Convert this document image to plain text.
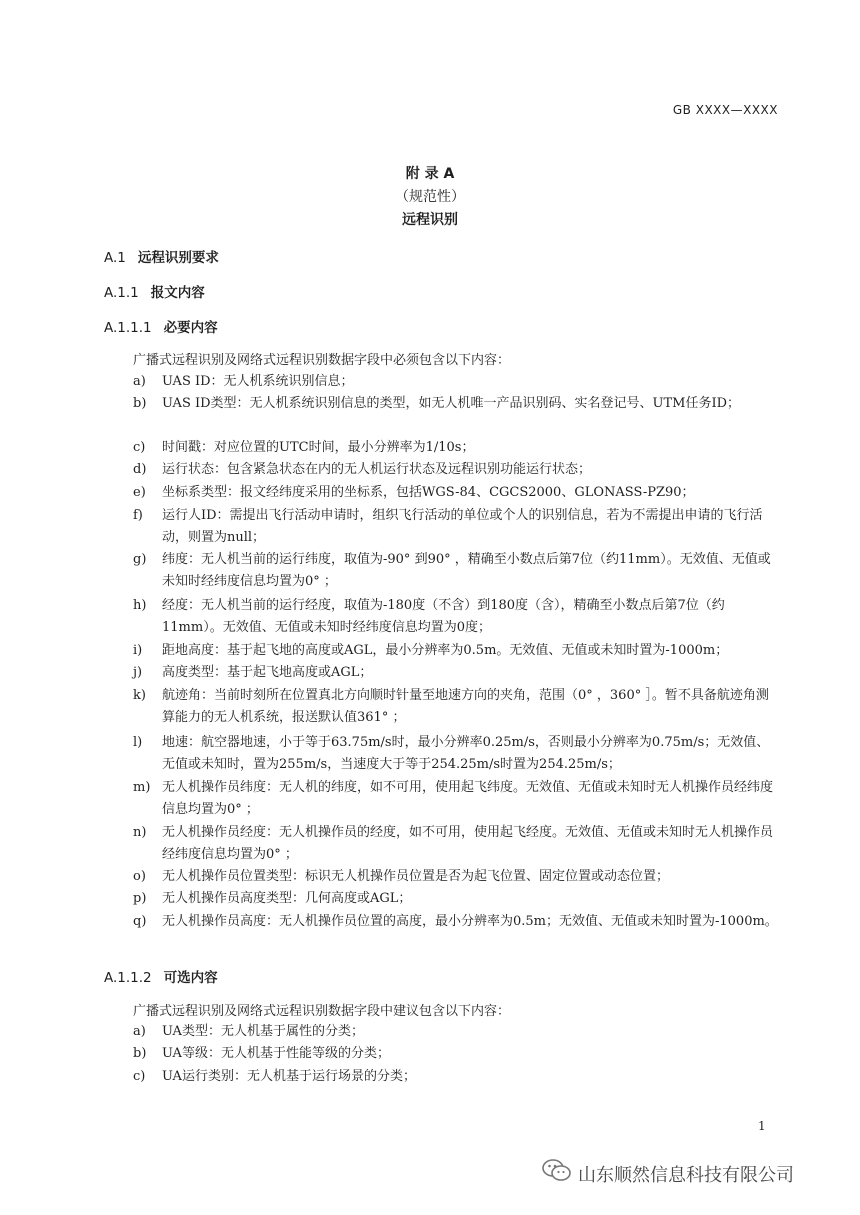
GB XXXX—XXXX
附 录 A
（规范性）
远程识别
A.1 远程识别要求
A.1.1 报文内容
A.1.1.1 必要内容
广播式远程识别及网络式远程识别数据字段中必须包含以下内容：
a) UAS ID：无人机系统识别信息；
b) UAS ID类型：无人机系统识别信息的类型，如无人机唯一产品识别码、实名登记号、UTM任务ID；
c) 时间戳：对应位置的UTC时间，最小分辨率为1/10s；
d) 运行状态：包含紧急状态在内的无人机运行状态及远程识别功能运行状态；
e) 坐标系类型：报文经纬度采用的坐标系，包括WGS-84、CGCS2000、GLONASS-PZ90；
f) 运行人ID：需提出飞行活动申请时，组织飞行活动的单位或个人的识别信息，若为不需提出申请的飞行活动，则置为null；
g) 纬度：无人机当前的运行纬度，取值为-90° 到90° ，精确至小数点后第7位（约11mm）。无效值、无值或未知时经纬度信息均置为0° ；
h) 经度：无人机当前的运行经度，取值为-180度（不含）到180度（含），精确至小数点后第7位（约11mm）。无效值、无值或未知时经纬度信息均置为0度；
i) 距地高度：基于起飞地的高度或AGL，最小分辨率为0.5m。无效值、无值或未知时置为-1000m；
j) 高度类型：基于起飞地高度或AGL；
k) 航迹角：当前时刻所在位置真北方向顺时针量至地速方向的夹角，范围（0° ，360° ］。暂不具备航迹角测算能力的无人机系统，报送默认值361° ；
l) 地速：航空器地速，小于等于63.75m/s时，最小分辨率0.25m/s，否则最小分辨率为0.75m/s；无效值、无值或未知时，置为255m/s，当速度大于等于254.25m/s时置为254.25m/s；
m) 无人机操作员纬度：无人机的纬度，如不可用，使用起飞纬度。无效值、无值或未知时无人机操作员经纬度信息均置为0° ；
n) 无人机操作员经度：无人机操作员的经度，如不可用，使用起飞经度。无效值、无值或未知时无人机操作员经纬度信息均置为0° ；
o) 无人机操作员位置类型：标识无人机操作员位置是否为起飞位置、固定位置或动态位置；
p) 无人机操作员高度类型：几何高度或AGL；
q) 无人机操作员高度：无人机操作员位置的高度，最小分辨率为0.5m；无效值、无值或未知时置为-1000m。
A.1.1.2 可选内容
广播式远程识别及网络式远程识别数据字段中建议包含以下内容：
a) UA类型：无人机基于属性的分类；
b) UA等级：无人机基于性能等级的分类；
c) UA运行类别：无人机基于运行场景的分类；
1
山东顺然信息科技有限公司
